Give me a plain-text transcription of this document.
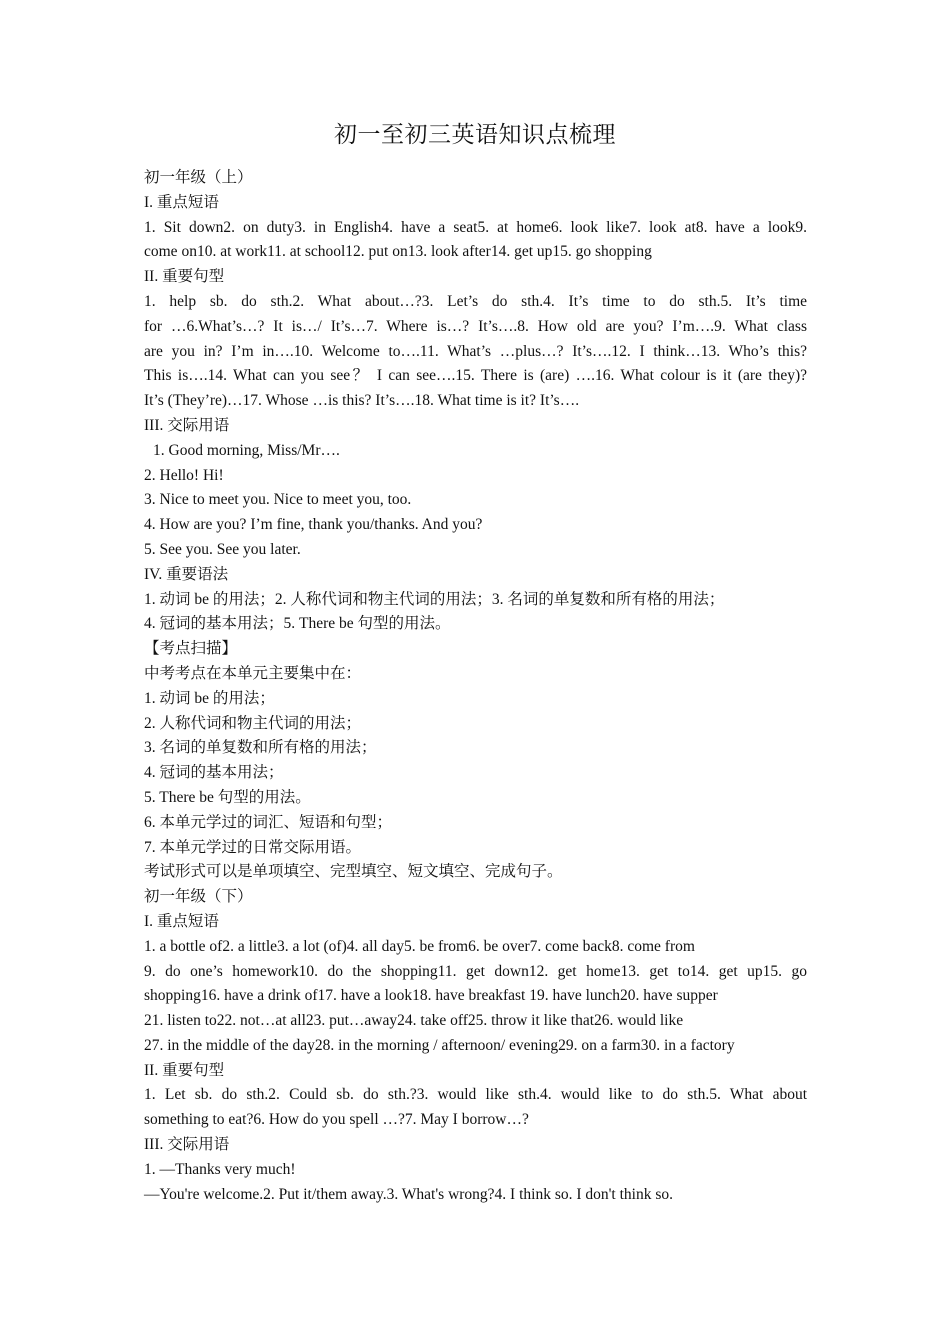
初一至初三英语知识点梳理
初一年级（上）
I. 重点短语
1. Sit down2. on duty3. in English4. have a seat5. at home6. look like7. look at8. have a look9.
come on10. at work11. at school12. put on13. look after14. get up15. go shopping
II. 重要句型
1. help sb. do sth.2. What about…?3. Let’s do sth.4. It’s time to do sth.5. It’s time
for …6.What’s…? It is…/ It’s…7. Where is…? It’s….8. How old are you? I’m….9. What class
are you in? I’m in….10. Welcome to….11. What’s …plus…? It’s….12. I think…13. Who’s this?
This is….14. What can you see？ I can see….15. There is (are) ….16. What colour is it (are they)?
It’s (They’re)…17. Whose …is this? It’s….18. What time is it? It’s….
III. 交际用语
1. Good morning, Miss/Mr….
2. Hello! Hi!
3. Nice to meet you. Nice to meet you, too.
4. How are you? I’m fine, thank you/thanks. And you?
5. See you. See you later.
IV. 重要语法
1. 动词 be 的用法；2. 人称代词和物主代词的用法；3. 名词的单复数和所有格的用法；
4. 冠词的基本用法；5. There be 句型的用法。
【考点扫描】
中考考点在本单元主要集中在：
1. 动词 be 的用法；
2. 人称代词和物主代词的用法；
3. 名词的单复数和所有格的用法；
4. 冠词的基本用法；
5. There be 句型的用法。
6. 本单元学过的词汇、短语和句型；
7. 本单元学过的日常交际用语。
考试形式可以是单项填空、完型填空、短文填空、完成句子。
初一年级（下）
I. 重点短语
1. a bottle of2. a little3. a lot (of)4. all day5. be from6. be over7. come back8. come from
9. do one’s homework10. do the shopping11. get down12. get home13. get to14. get up15. go
shopping16. have a drink of17. have a look18. have breakfast 19. have lunch20. have supper
21. listen to22. not…at all23. put…away24. take off25. throw it like that26. would like
27. in the middle of the day28. in the morning / afternoon/ evening29. on a farm30. in a factory
II. 重要句型
1. Let sb. do sth.2. Could sb. do sth.?3. would like sth.4. would like to do sth.5. What about
something to eat?6. How do you spell …?7. May I borrow…?
III. 交际用语
1. —Thanks very much!
—You're welcome.2. Put it/them away.3. What's wrong?4. I think so. I don't think so.
